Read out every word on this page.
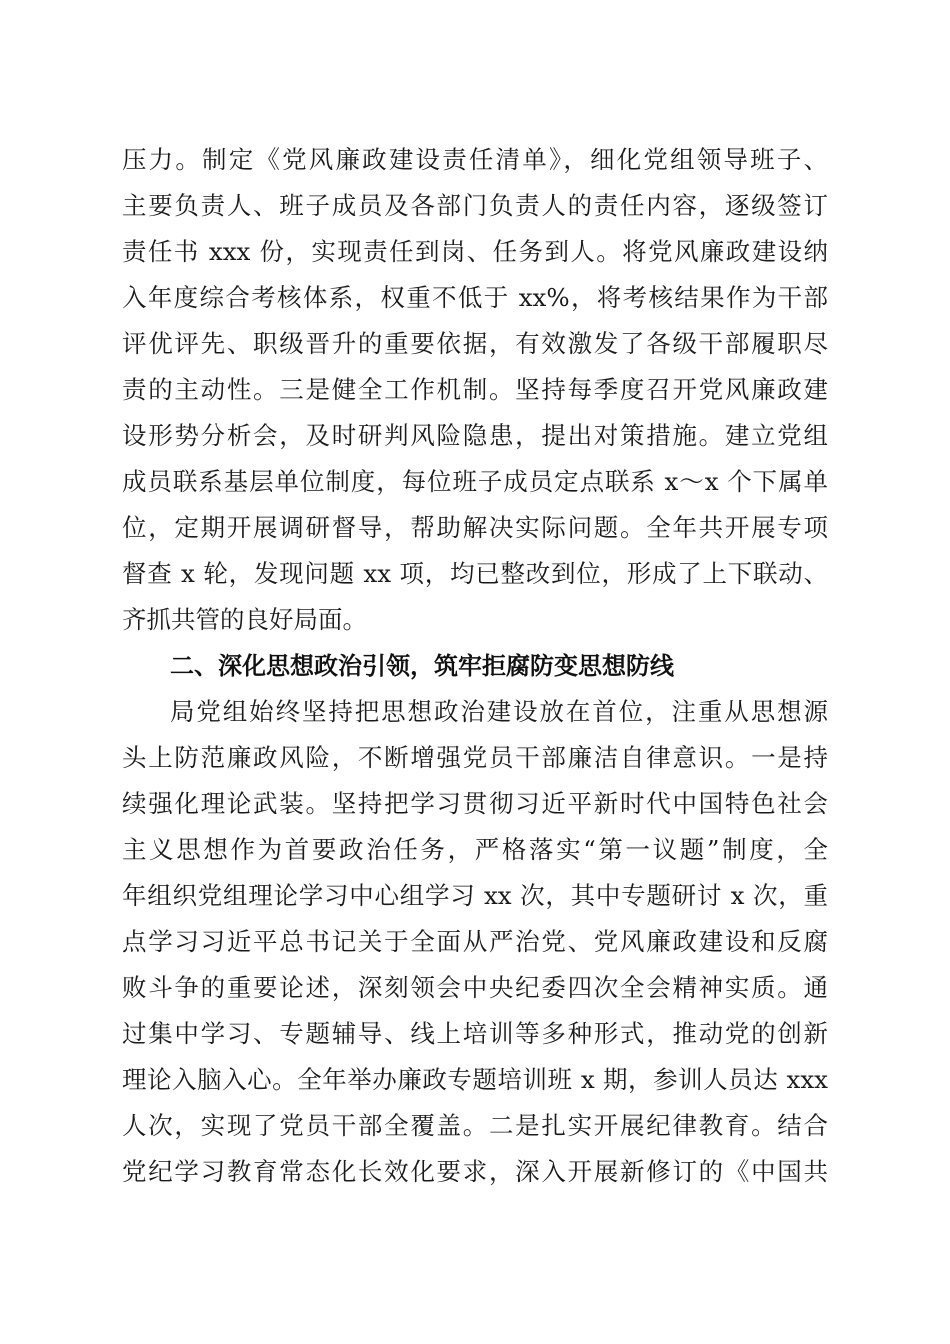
压力。制定《党风廉政建设责任清单》，细化党组领导班子、
主要负责人、班子成员及各部门负责人的责任内容，逐级签订
责任书 xxx 份，实现责任到岗、任务到人。将党风廉政建设纳
入年度综合考核体系，权重不低于 xx%，将考核结果作为干部
评优评先、职级晋升的重要依据，有效激发了各级干部履职尽
责的主动性。三是健全工作机制。坚持每季度召开党风廉政建
设形势分析会，及时研判风险隐患，提出对策措施。建立党组
成员联系基层单位制度，每位班子成员定点联系 x～x 个下属单
位，定期开展调研督导，帮助解决实际问题。全年共开展专项
督查 x 轮，发现问题 xx 项，均已整改到位，形成了上下联动、
齐抓共管的良好局面。
二、深化思想政治引领，筑牢拒腐防变思想防线
局党组始终坚持把思想政治建设放在首位，注重从思想源
头上防范廉政风险，不断增强党员干部廉洁自律意识。一是持
续强化理论武装。坚持把学习贯彻习近平新时代中国特色社会
主义思想作为首要政治任务，严格落实“第一议题”制度，全
年组织党组理论学习中心组学习 xx 次，其中专题研讨 x 次，重
点学习习近平总书记关于全面从严治党、党风廉政建设和反腐
败斗争的重要论述，深刻领会中央纪委四次全会精神实质。通
过集中学习、专题辅导、线上培训等多种形式，推动党的创新
理论入脑入心。全年举办廉政专题培训班 x 期，参训人员达 xxx
人次，实现了党员干部全覆盖。二是扎实开展纪律教育。结合
党纪学习教育常态化长效化要求，深入开展新修订的《中国共
